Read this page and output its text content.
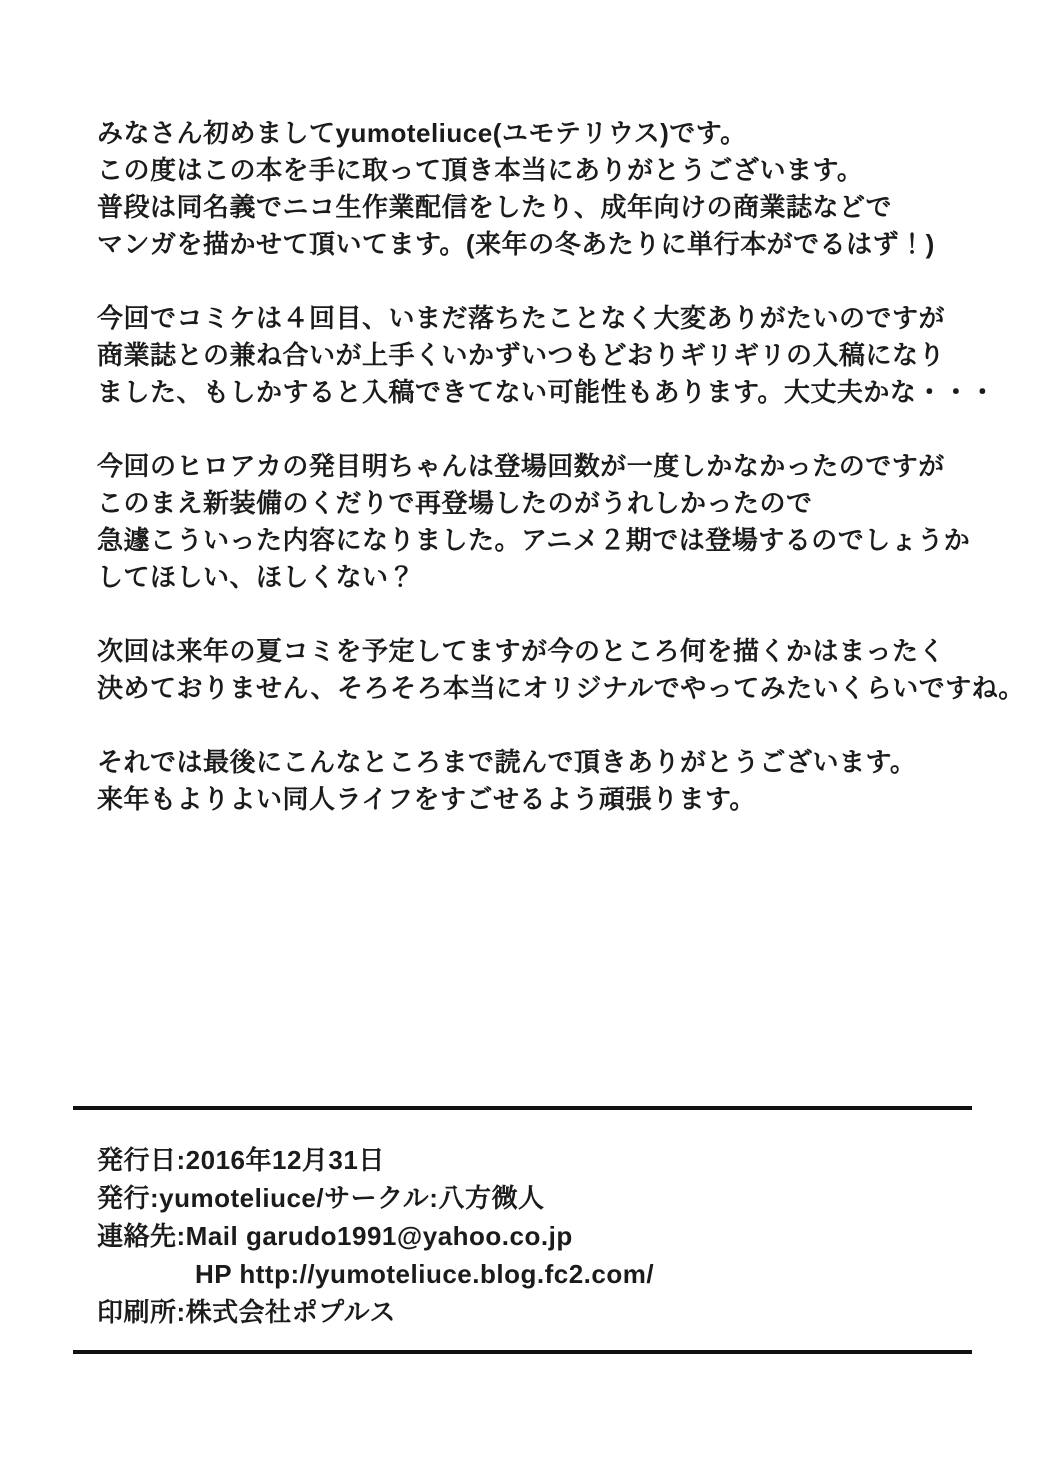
みなさん初めましてyumoteliuce(ユモテリウス)です。
この度はこの本を手に取って頂き本当にありがとうございます。
普段は同名義でニコ生作業配信をしたり、成年向けの商業誌などで
マンガを描かせて頂いてます。(来年の冬あたりに単行本がでるはず！)
今回でコミケは４回目、いまだ落ちたことなく大変ありがたいのですが
商業誌との兼ね合いが上手くいかずいつもどおりギリギリの入稿になり
ました、もしかすると入稿できてない可能性もあります。大丈夫かな・・・
今回のヒロアカの発目明ちゃんは登場回数が一度しかなかったのですが
このまえ新装備のくだりで再登場したのがうれしかったので
急遽こういった内容になりました。アニメ２期では登場するのでしょうか
してほしい、ほしくない？
次回は来年の夏コミを予定してますが今のところ何を描くかはまったく
決めておりません、そろそろ本当にオリジナルでやってみたいくらいですね。
それでは最後にこんなところまで読んで頂きありがとうございます。
来年もよりよい同人ライフをすごせるよう頑張ります。
発行日:2016年12月31日
発行:yumoteliuce/サークル:八方微人
連絡先:Mail garudo1991@yahoo.co.jp
HP http://yumoteliuce.blog.fc2.com/
印刷所:株式会社ポプルス
